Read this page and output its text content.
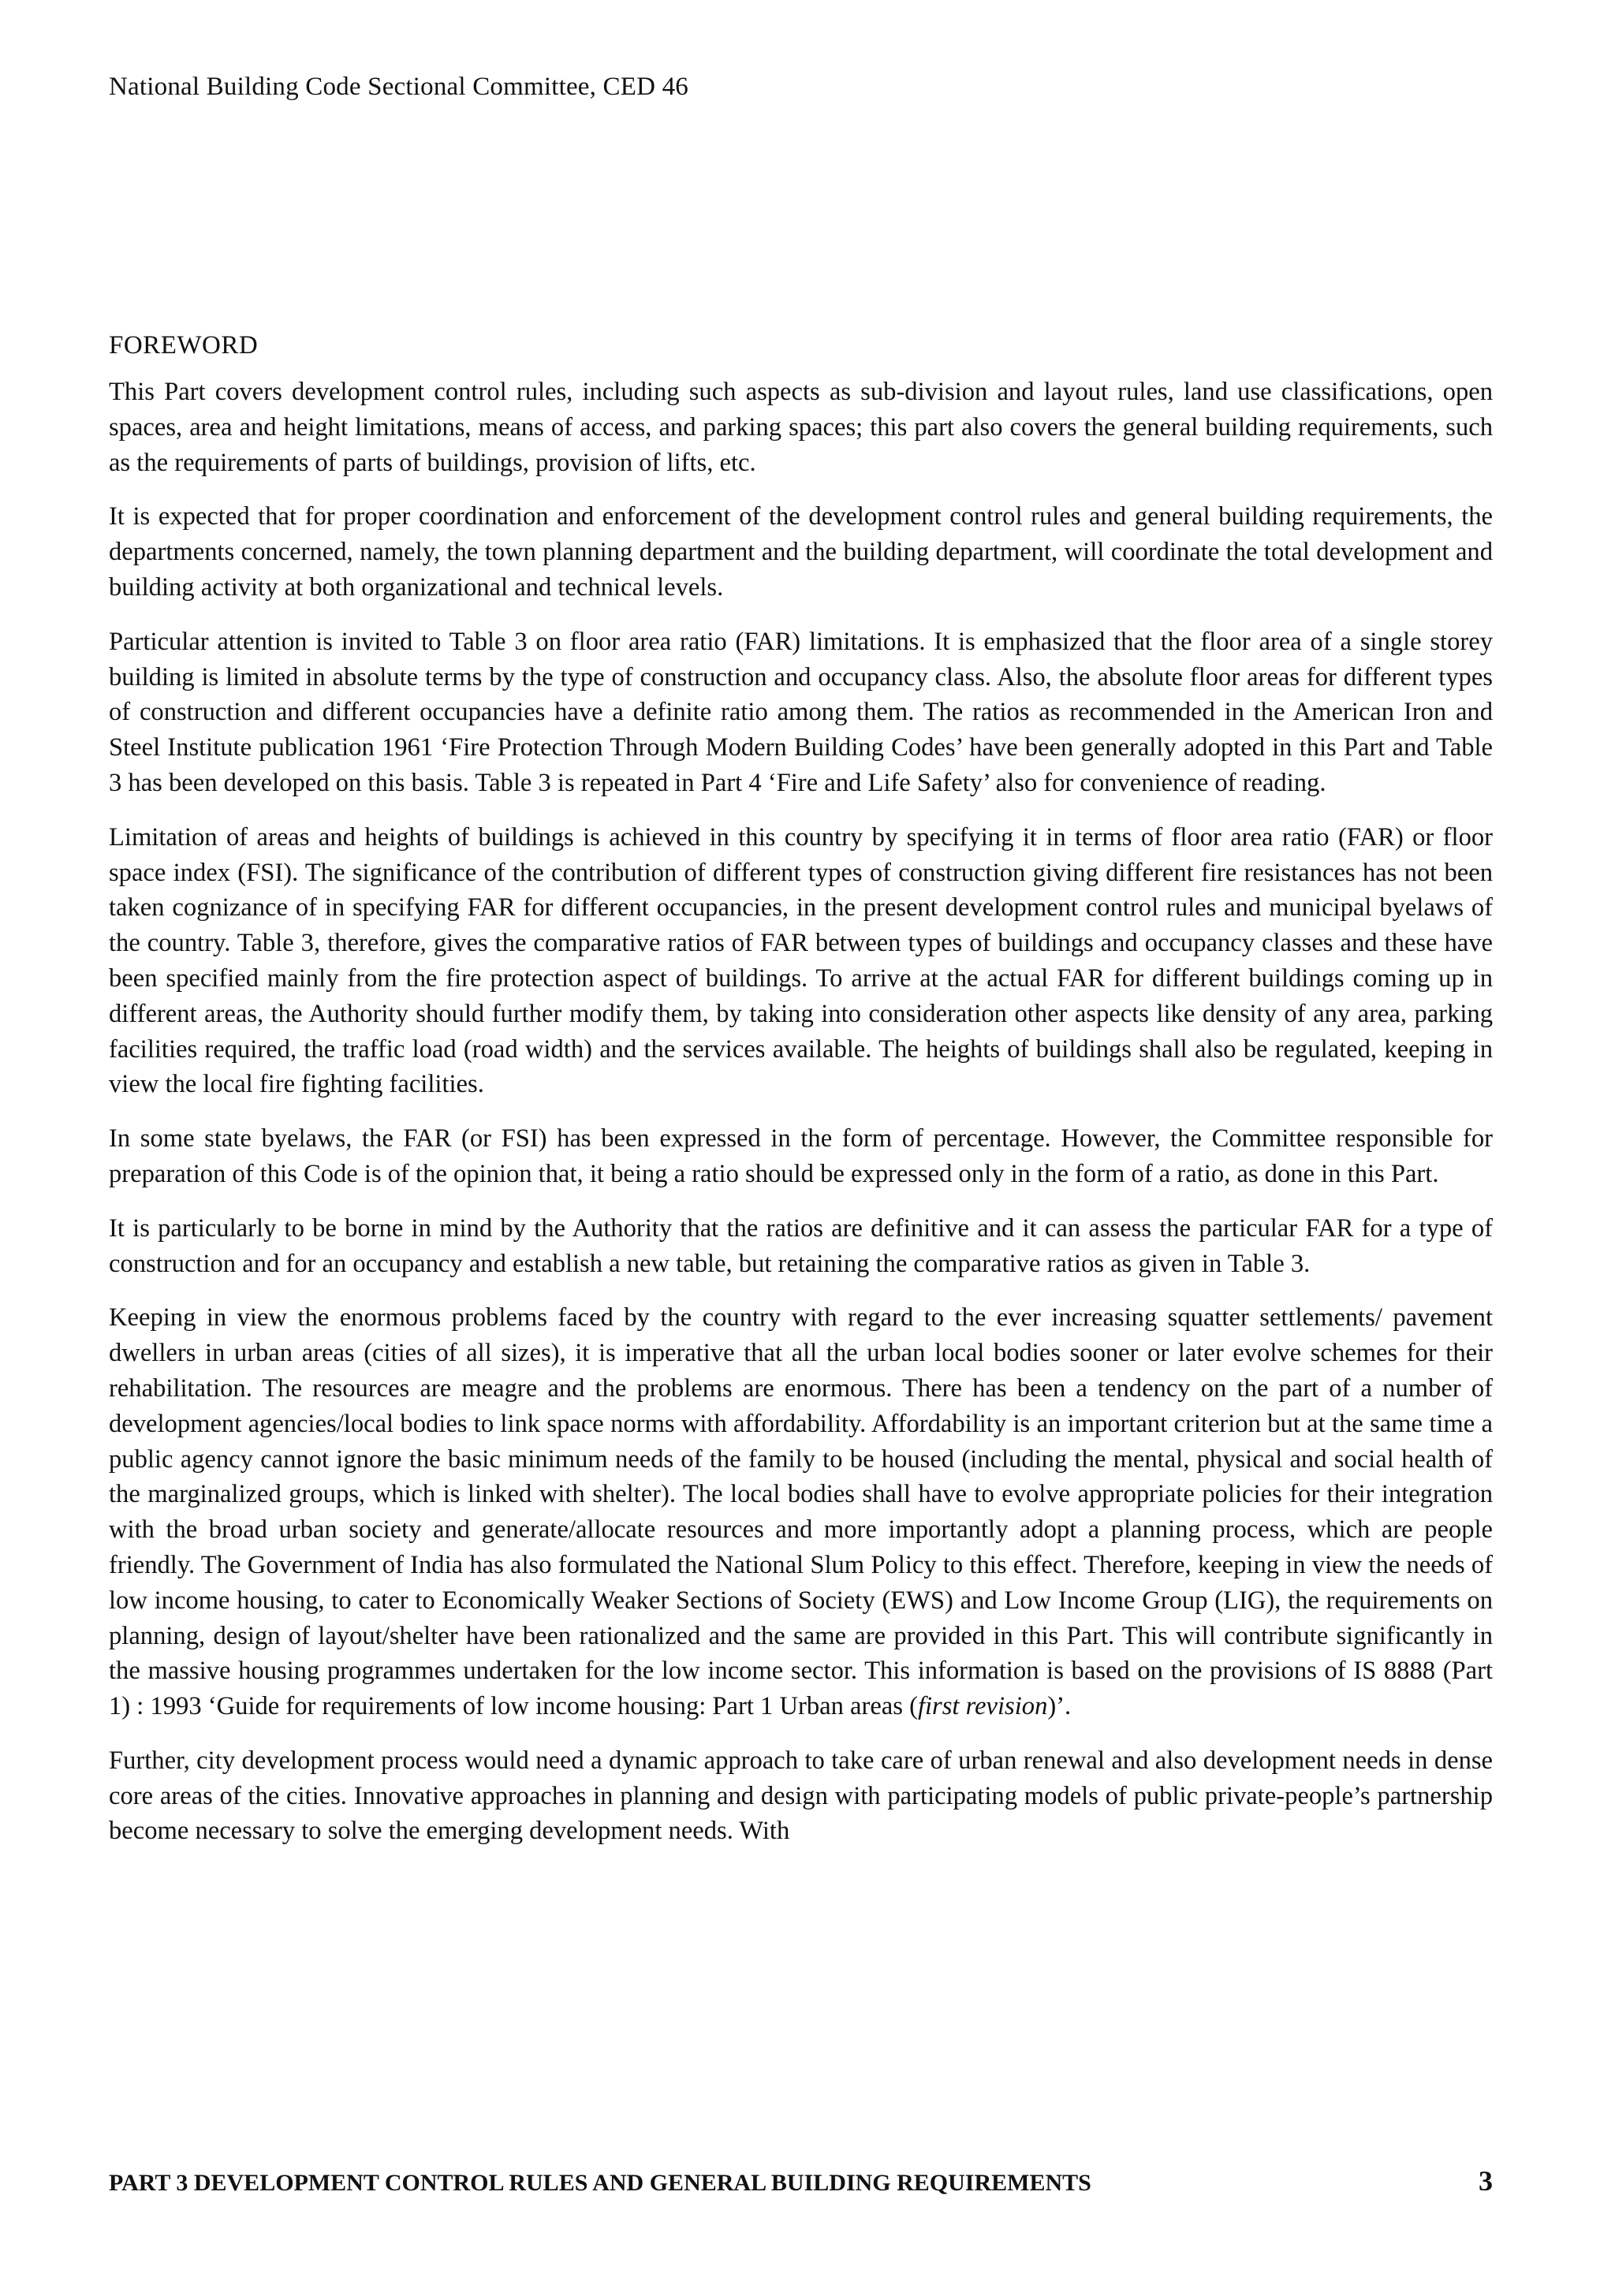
National Building Code Sectional Committee, CED 46
FOREWORD

This Part covers development control rules, including such aspects as sub-division and layout rules, land use classifications, open spaces, area and height limitations, means of access, and parking spaces; this part also covers the general building requirements, such as the requirements of parts of buildings, provision of lifts, etc.

It is expected that for proper coordination and enforcement of the development control rules and general building requirements, the departments concerned, namely, the town planning department and the building department, will coordinate the total development and building activity at both organizational and technical levels.

Particular attention is invited to Table 3 on floor area ratio (FAR) limitations. It is emphasized that the floor area of a single storey building is limited in absolute terms by the type of construction and occupancy class. Also, the absolute floor areas for different types of construction and different occupancies have a definite ratio among them. The ratios as recommended in the American Iron and Steel Institute publication 1961 ‘Fire Protection Through Modern Building Codes’ have been generally adopted in this Part and Table 3 has been developed on this basis. Table 3 is repeated in Part 4 ‘Fire and Life Safety’ also for convenience of reading.

Limitation of areas and heights of buildings is achieved in this country by specifying it in terms of floor area ratio (FAR) or floor space index (FSI). The significance of the contribution of different types of construction giving different fire resistances has not been taken cognizance of in specifying FAR for different occupancies, in the present development control rules and municipal byelaws of the country. Table 3, therefore, gives the comparative ratios of FAR between types of buildings and occupancy classes and these have been specified mainly from the fire protection aspect of buildings. To arrive at the actual FAR for different buildings coming up in different areas, the Authority should further modify them, by taking into consideration other aspects like density of any area, parking facilities required, the traffic load (road width) and the services available. The heights of buildings shall also be regulated, keeping in view the local fire fighting facilities.

In some state byelaws, the FAR (or FSI) has been expressed in the form of percentage. However, the Committee responsible for preparation of this Code is of the opinion that, it being a ratio should be expressed only in the form of a ratio, as done in this Part.

It is particularly to be borne in mind by the Authority that the ratios are definitive and it can assess the particular FAR for a type of construction and for an occupancy and establish a new table, but retaining the comparative ratios as given in Table 3.

Keeping in view the enormous problems faced by the country with regard to the ever increasing squatter settlements/ pavement dwellers in urban areas (cities of all sizes), it is imperative that all the urban local bodies sooner or later evolve schemes for their rehabilitation. The resources are meagre and the problems are enormous. There has been a tendency on the part of a number of development agencies/local bodies to link space norms with affordability. Affordability is an important criterion but at the same time a public agency cannot ignore the basic minimum needs of the family to be housed (including the mental, physical and social health of the marginalized groups, which is linked with shelter). The local bodies shall have to evolve appropriate policies for their integration with the broad urban society and generate/allocate resources and more importantly adopt a planning process, which are people friendly. The Government of India has also formulated the National Slum Policy to this effect. Therefore, keeping in view the needs of low income housing, to cater to Economically Weaker Sections of Society (EWS) and Low Income Group (LIG), the requirements on planning, design of layout/shelter have been rationalized and the same are provided in this Part. This will contribute significantly in the massive housing programmes undertaken for the low income sector. This information is based on the provisions of IS 8888 (Part 1) : 1993 ‘Guide for requirements of low income housing: Part 1 Urban areas (first revision)’.

Further, city development process would need a dynamic approach to take care of urban renewal and also development needs in dense core areas of the cities. Innovative approaches in planning and design with participating models of public private-people’s partnership become necessary to solve the emerging development needs. With

PART 3 DEVELOPMENT CONTROL RULES AND GENERAL BUILDING REQUIREMENTS	3
